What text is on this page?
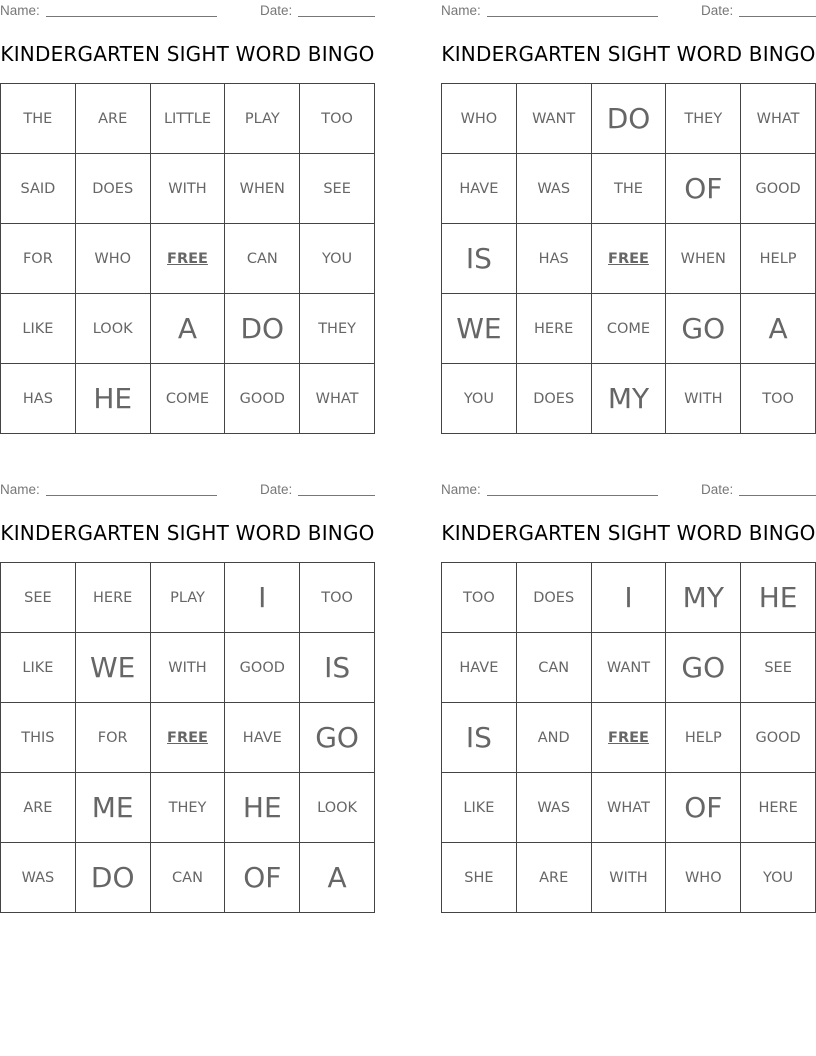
Name:	Date:
KINDERGARTEN SIGHT WORD BINGO
THE	ARE	LITTLE	PLAY	TOO
SAID	DOES	WITH	WHEN	SEE
FOR	WHO	FREE	CAN	YOU
LIKE	LOOK	A	DO	THEY
HAS	HE	COME	GOOD	WHAT
Name:	Date:
KINDERGARTEN SIGHT WORD BINGO
WHO	WANT	DO	THEY	WHAT
HAVE	WAS	THE	OF	GOOD
IS	HAS	FREE	WHEN	HELP
WE	HERE	COME	GO	A
YOU	DOES	MY	WITH	TOO
Name:	Date:
KINDERGARTEN SIGHT WORD BINGO
SEE	HERE	PLAY	I	TOO
LIKE	WE	WITH	GOOD	IS
THIS	FOR	FREE	HAVE	GO
ARE	ME	THEY	HE	LOOK
WAS	DO	CAN	OF	A
Name:	Date:
KINDERGARTEN SIGHT WORD BINGO
TOO	DOES	I	MY	HE
HAVE	CAN	WANT	GO	SEE
IS	AND	FREE	HELP	GOOD
LIKE	WAS	WHAT	OF	HERE
SHE	ARE	WITH	WHO	YOU
